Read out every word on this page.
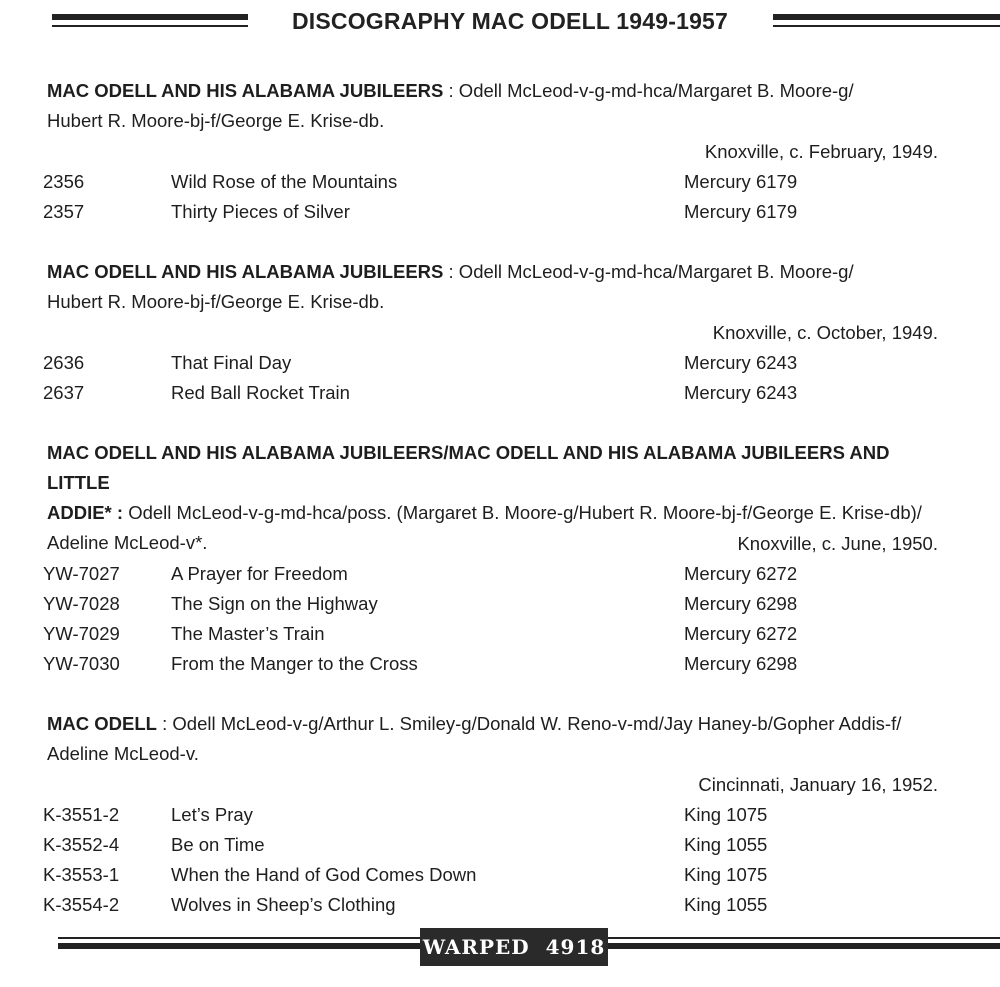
DISCOGRAPHY MAC ODELL 1949-1957
MAC ODELL AND HIS ALABAMA JUBILEERS : Odell McLeod-v-g-md-hca/Margaret B. Moore-g/
Hubert R. Moore-bj-f/George E. Krise-db.
Knoxville, c. February, 1949.
2356	Wild Rose of the Mountains	Mercury 6179
2357	Thirty Pieces of Silver	Mercury 6179
MAC ODELL AND HIS ALABAMA JUBILEERS : Odell McLeod-v-g-md-hca/Margaret B. Moore-g/
Hubert R. Moore-bj-f/George E. Krise-db.
Knoxville, c. October, 1949.
2636	That Final Day	Mercury 6243
2637	Red Ball Rocket Train	Mercury 6243
MAC ODELL AND HIS ALABAMA JUBILEERS/MAC ODELL AND HIS ALABAMA JUBILEERS AND LITTLE
ADDIE* : Odell McLeod-v-g-md-hca/poss. (Margaret B. Moore-g/Hubert R. Moore-bj-f/George E. Krise-db)/
Adeline McLeod-v*.	Knoxville, c. June, 1950.
YW-7027	A Prayer for Freedom	Mercury 6272
YW-7028	The Sign on the Highway	Mercury 6298
YW-7029	The Master’s Train	Mercury 6272
YW-7030	From the Manger to the Cross	Mercury 6298
MAC ODELL : Odell McLeod-v-g/Arthur L. Smiley-g/Donald W. Reno-v-md/Jay Haney-b/Gopher Addis-f/
Adeline McLeod-v.
Cincinnati, January 16, 1952.
K-3551-2	Let’s Pray	King 1075
K-3552-4	Be on Time	King 1055
K-3553-1	When the Hand of God Comes Down	King 1075
K-3554-2	Wolves in Sheep’s Clothing	King 1055
WARPED 4918
